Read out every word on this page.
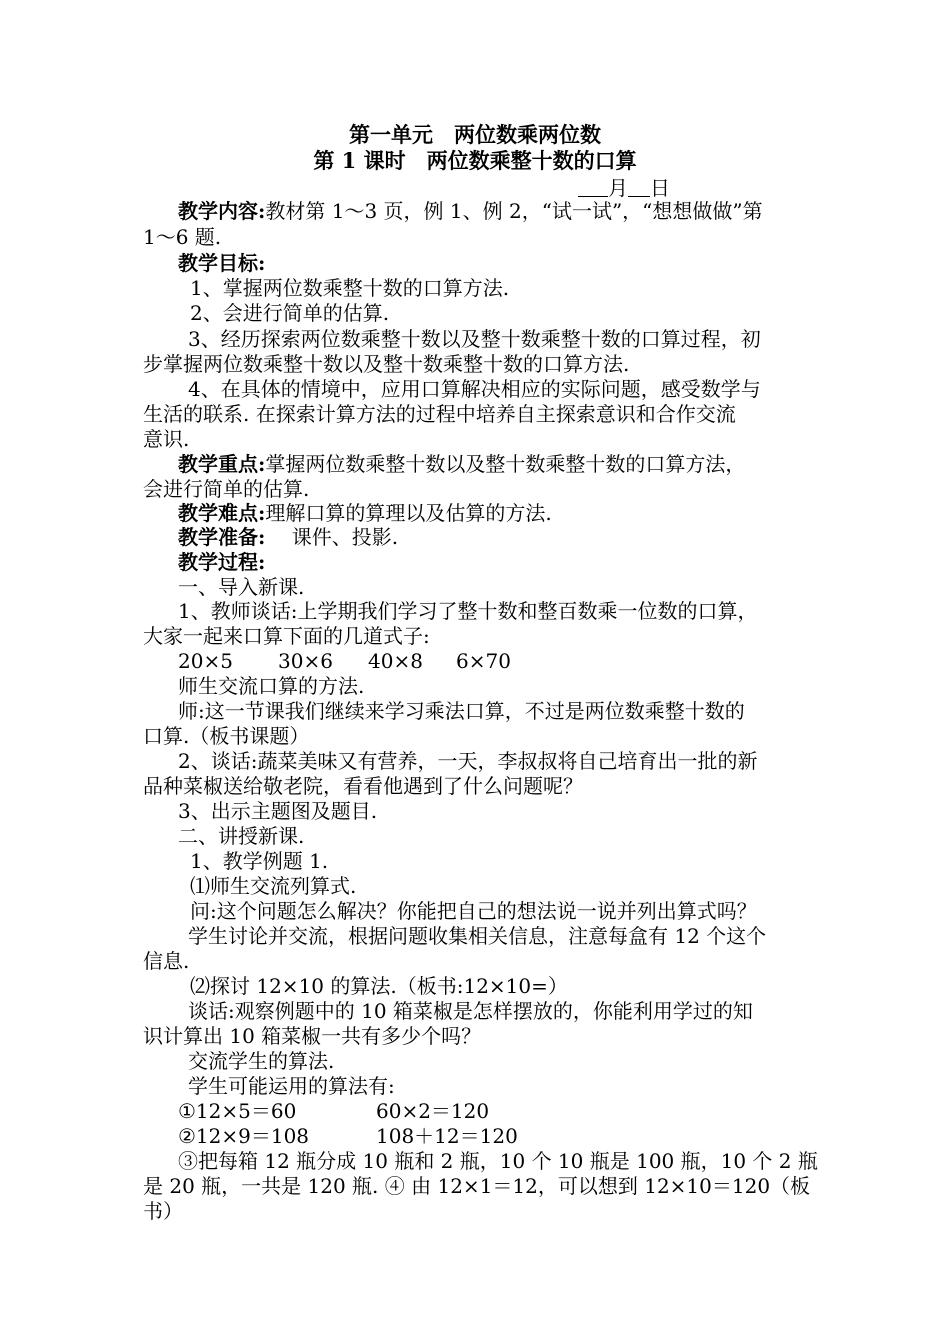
第一单元　两位数乘两位数
第 1 课时　两位数乘整十数的口算
月 日
教学内容:教材第 1～3 页，例 1、例 2，“试一试”，“想想做做”第
1～6 题.
教学目标:
1、掌握两位数乘整十数的口算方法.
2、会进行简单的估算.
3、经历探索两位数乘整十数以及整十数乘整十数的口算过程，初
步掌握两位数乘整十数以及整十数乘整十数的口算方法.
4、在具体的情境中，应用口算解决相应的实际问题，感受数学与
生活的联系. 在探索计算方法的过程中培养自主探索意识和合作交流
意识.
教学重点:掌握两位数乘整十数以及整十数乘整十数的口算方法，
会进行简单的估算.
教学难点:理解口算的算理以及估算的方法.
教学准备:　 课件、投影.
教学过程:
一、导入新课.
1、教师谈话:上学期我们学习了整十数和整百数乘一位数的口算，
大家一起来口算下面的几道式子:
20×5 30×6 40×8 6×70
师生交流口算的方法.
师:这一节课我们继续来学习乘法口算，不过是两位数乘整十数的
口算.（板书课题）
2、谈话:蔬菜美味又有营养，一天，李叔叔将自己培育出一批的新
品种菜椒送给敬老院，看看他遇到了什么问题呢？
3、出示主题图及题目.
二、讲授新课.
1、教学例题 1.
⑴师生交流列算式.
问:这个问题怎么解决？你能把自己的想法说一说并列出算式吗？
学生讨论并交流，根据问题收集相关信息，注意每盒有 12 个这个
信息.
⑵探讨 12×10 的算法.（板书:12×10=）
谈话:观察例题中的 10 箱菜椒是怎样摆放的，你能利用学过的知
识计算出 10 箱菜椒一共有多少个吗？
交流学生的算法.
学生可能运用的算法有:
①12×5＝60	60×2＝120
②12×9＝108	108＋12＝120
③把每箱 12 瓶分成 10 瓶和 2 瓶，10 个 10 瓶是 100 瓶，10 个 2 瓶
是 20 瓶，一共是 120 瓶. ④ 由 12×1＝12，可以想到 12×10＝120（板
书）
